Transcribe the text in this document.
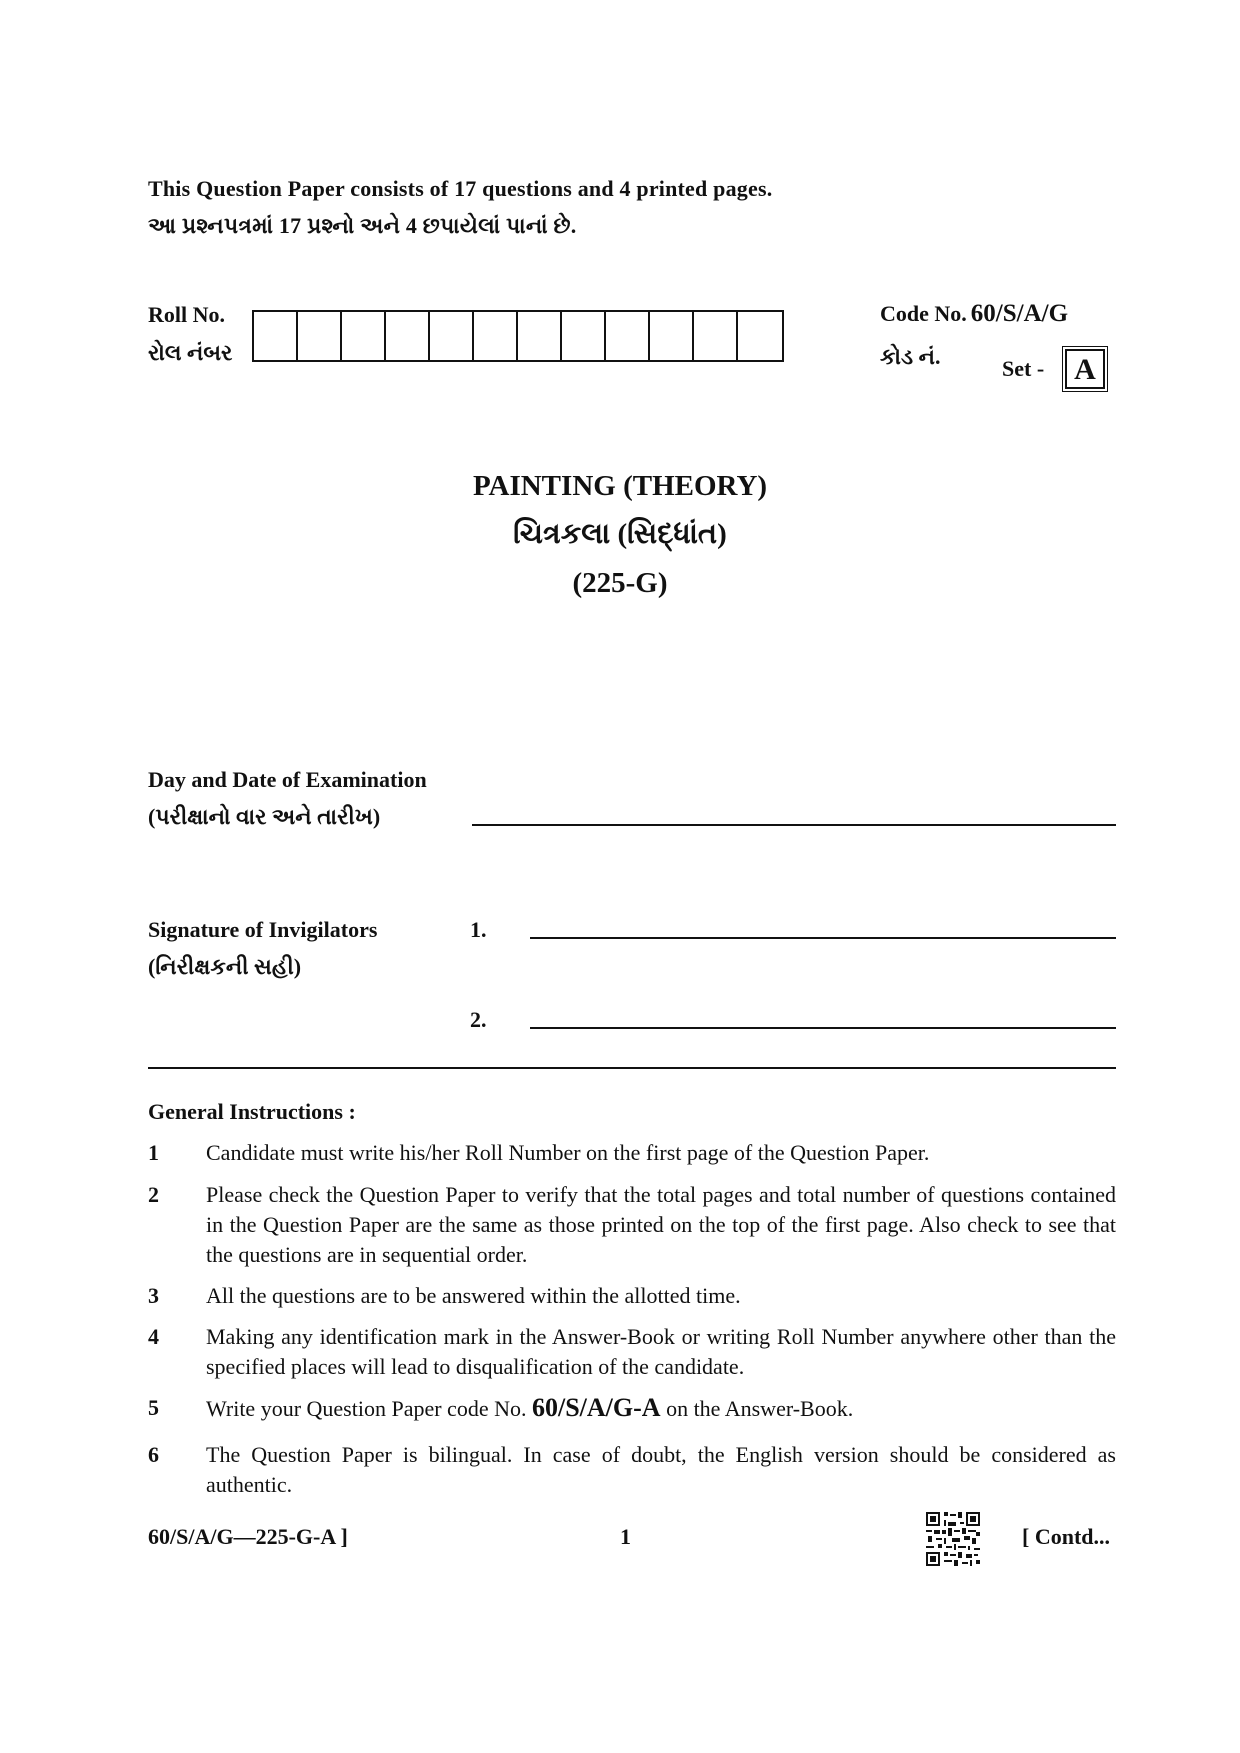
This Question Paper consists of 17 questions and 4 printed pages.
આ પ્રશ્નપત્રમાં 17 પ્રશ્નો અને 4 છપાયેલાં પાનાં છે.
Roll No.
રોલ નંબર
Code No. 60/S/A/G
કોડ નં.	Set -	A
PAINTING (THEORY)
ચિત્રકલા (સિદ્ધાંત)
(225-G)
Day and Date of Examination
(પરીક્ષાનો વાર અને તારીખ)
Signature of Invigilators
(નિરીક્ષકની સહી)
1.
2.
General Instructions :
1	Candidate must write his/her Roll Number on the first page of the Question Paper.
2	Please check the Question Paper to verify that the total pages and total number of questions contained in the Question Paper are the same as those printed on the top of the first page. Also check to see that the questions are in sequential order.
3	All the questions are to be answered within the allotted time.
4	Making any identification mark in the Answer-Book or writing Roll Number anywhere other than the specified places will lead to disqualification of the candidate.
5	Write your Question Paper code No. 60/S/A/G-A on the Answer-Book.
6	The Question Paper is bilingual. In case of doubt, the English version should be considered as authentic.
60/S/A/G—225-G-A ]	1	[ Contd...
